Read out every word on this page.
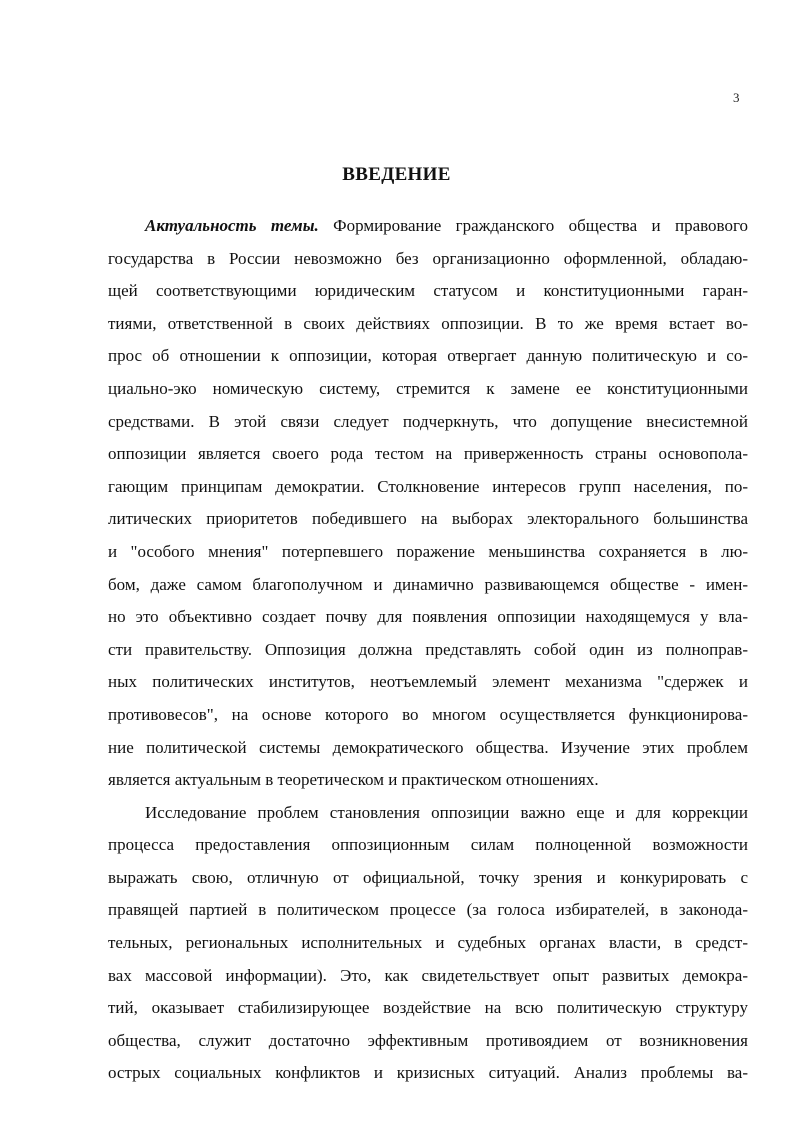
3
ВВЕДЕНИЕ
Актуальность темы. Формирование гражданского общества и правового
государства в России невозможно без организационно оформленной, обладаю-
щей соответствующими юридическим статусом и конституционными гаран-
тиями, ответственной в своих действиях оппозиции. В то же время встает во-
прос об отношении к оппозиции, которая отвергает данную политическую и со-
циально-эко номическую систему, стремится к замене ее конституционными
средствами. В этой связи следует подчеркнуть, что допущение внесистемной
оппозиции является своего рода тестом на приверженность страны основопола-
гающим принципам демократии. Столкновение интересов групп населения, по-
литических приоритетов победившего на выборах электорального большинства
и "особого мнения" потерпевшего поражение меньшинства сохраняется в лю-
бом, даже самом благополучном и динамично развивающемся обществе - имен-
но это объективно создает почву для появления оппозиции находящемуся у вла-
сти правительству. Оппозиция должна представлять собой один из полноправ-
ных политических институтов, неотъемлемый элемент механизма "сдержек и
противовесов", на основе которого во многом осуществляется функционирова-
ние политической системы демократического общества. Изучение этих проблем
является актуальным в теоретическом и практическом отношениях.
Исследование проблем становления оппозиции важно еще и для коррекции
процесса предоставления оппозиционным силам полноценной возможности
выражать свою, отличную от официальной, точку зрения и конкурировать с
правящей партией в политическом процессе (за голоса избирателей, в законода-
тельных, региональных исполнительных и судебных органах власти, в средст-
вах массовой информации). Это, как свидетельствует опыт развитых демокра-
тий, оказывает стабилизирующее воздействие на всю политическую структуру
общества, служит достаточно эффективным противоядием от возникновения
острых социальных конфликтов и кризисных ситуаций. Анализ проблемы ва-
